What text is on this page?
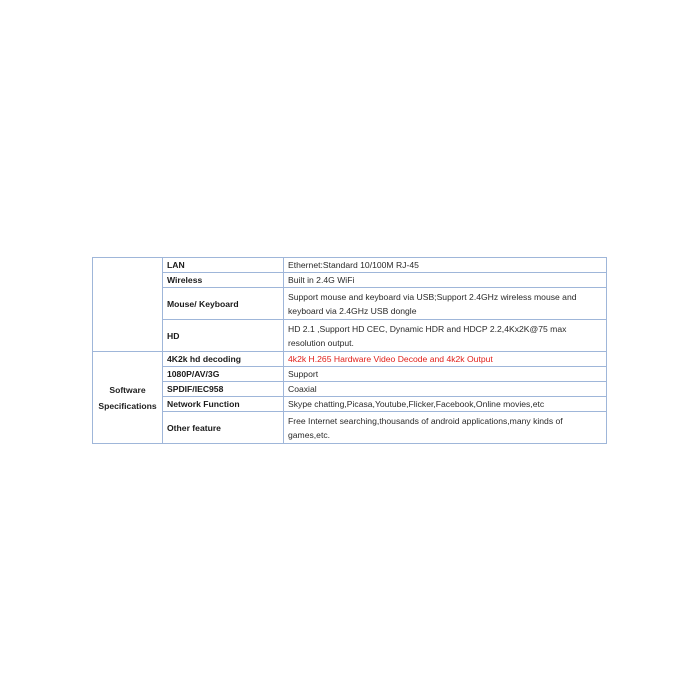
	LAN	Ethernet:Standard 10/100M RJ-45
	Wireless	Built in 2.4G WiFi
	Mouse/ Keyboard	Support mouse and keyboard via USB;Support 2.4GHz wireless mouse and keyboard via 2.4GHz USB dongle
	HD	HD 2.1 ,Support HD CEC, Dynamic HDR and HDCP 2.2,4Kx2K@75 max resolution output.

Software Specifications	4K2k hd decoding	4k2k H.265 Hardware Video Decode and 4k2k Output
	1080P/AV/3G	Support
	SPDIF/IEC958	Coaxial
	Network Function	Skype chatting,Picasa,Youtube,Flicker,Facebook,Online movies,etc
	Other feature	Free Internet searching,thousands of android applications,many kinds of games,etc.
